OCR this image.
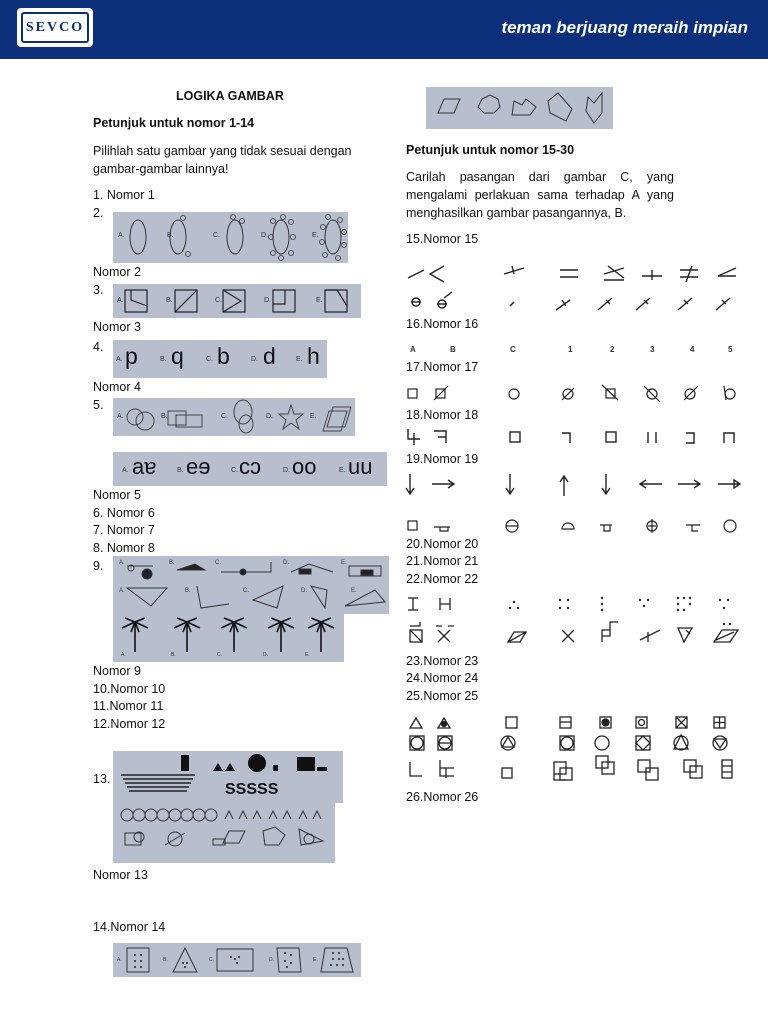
SEVCO	teman berjuang meraih impian
LOGIKA GAMBAR
Petunjuk untuk nomor 1-14
Pilihlah satu gambar yang tidak sesuai dengan gambar-gambar lainnya!
1. Nomor 1
2.
Nomor 2
3.
Nomor 3
4.
Nomor 4
5.
Nomor 5
6. Nomor 6
7. Nomor 7
8. Nomor 8
9.
Nomor 9
10.Nomor 10
11.Nomor 11
12.Nomor 12
13.
Nomor 13
14.Nomor 14
A.	B.	C.	D.	E.
A.	B.	C.	D.	E.
A. p	B. q	C. b	D. d	E. h
A.	B.	C.	D.	E.
A. aɐ	B. eɘ	C. cɔ	D. oo	E. uu
A.	B.	C.	D.	E.
A.	B.	C.	D.	E.
A.	B.	C.	D.	E.
SSSSS
A.	B.	C.	D.	E.
Petunjuk untuk nomor 15-30
Carilah pasangan dari gambar C, yang mengalami perlakuan sama terhadap A yang menghasilkan gambar pasangannya, B.
15.Nomor 15
16.Nomor 16
17.Nomor 17
18.Nomor 18
19.Nomor 19
20.Nomor 20
21.Nomor 21
22.Nomor 22
23.Nomor 23
24.Nomor 24
25.Nomor 25
26.Nomor 26
A	B	C	1	2	3	4	5
